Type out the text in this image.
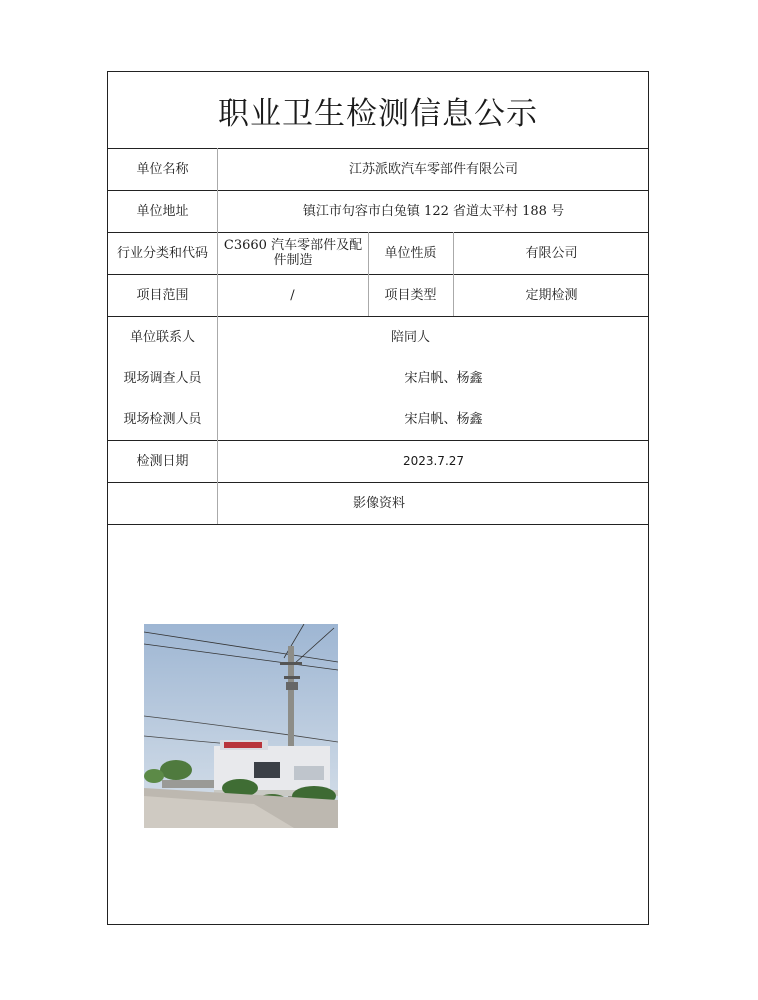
职业卫生检测信息公示
单位名称	江苏派欧汽车零部件有限公司
单位地址	镇江市句容市白兔镇 122 省道太平村 188 号
行业分类和代码	C3660 汽车零部件及配件制造	单位性质	有限公司
项目范围	/	项目类型	定期检测
单位联系人	陪同人
现场调查人员	宋启帆、杨鑫
现场检测人员	宋启帆、杨鑫
检测日期	2023.7.27
影像资料
